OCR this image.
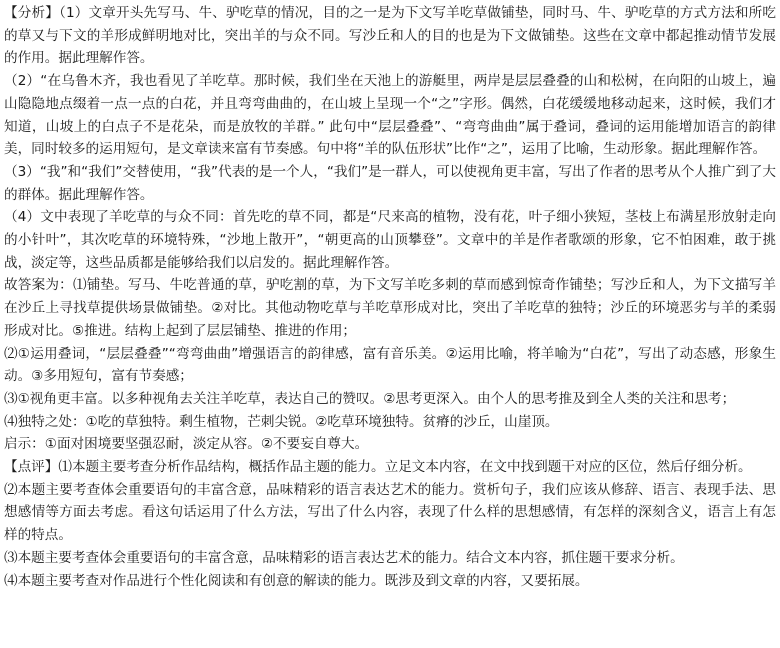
【分析】（1）文章开头先写马、牛、驴吃草的情况，目的之一是为下文写羊吃草做铺垫，同时马、牛、驴吃草的方式方法和所吃的草又与下文的羊形成鲜明地对比，突出羊的与众不同。写沙丘和人的目的也是为下文做铺垫。这些在文章中都起推动情节发展的作用。据此理解作答。

（2）“在乌鲁木齐，我也看见了羊吃草。那时候，我们坐在天池上的游艇里，两岸是层层叠叠的山和松树，在向阳的山坡上，遍山隐隐地点缀着一点一点的白花，并且弯弯曲曲的，在山坡上呈现一个“之”字形。偶然，白花缓缓地移动起来，这时候，我们才知道，山坡上的白点子不是花朵，而是放牧的羊群。” 此句中“层层叠叠”、“弯弯曲曲”属于叠词，叠词的运用能增加语言的韵律美，同时较多的运用短句，是文章读来富有节奏感。句中将“羊的队伍形状”比作“之”，运用了比喻，生动形象。据此理解作答。

（3）“我”和“我们”交替使用，“我”代表的是一个人，“我们”是一群人，可以使视角更丰富，写出了作者的思考从个人推广到了大的群体。据此理解作答。

（4）文中表现了羊吃草的与众不同：首先吃的草不同，都是“尺来高的植物，没有花，叶子细小狭短，茎枝上布满星形放射走向的小针叶”，其次吃草的环境特殊，“沙地上散开”，“朝更高的山顶攀登”。文章中的羊是作者歌颂的形象，它不怕困难，敢于挑战，淡定等，这些品质都是能够给我们以启发的。据此理解作答。

故答案为：⑴铺垫。写马、牛吃普通的草，驴吃割的草，为下文写羊吃多刺的草而感到惊奇作铺垫；写沙丘和人，为下文描写羊在沙丘上寻找草提供场景做铺垫。②对比。其他动物吃草与羊吃草形成对比，突出了羊吃草的独特；沙丘的环境恶劣与羊的柔弱形成对比。⑤推进。结构上起到了层层铺垫、推进的作用；

⑵①运用叠词，“层层叠叠”“弯弯曲曲”增强语言的韵律感，富有音乐美。②运用比喻，将羊喻为“白花”，写出了动态感，形象生动。③多用短句，富有节奏感；

⑶①视角更丰富。以多种视角去关注羊吃草，表达自己的赞叹。②思考更深入。由个人的思考推及到全人类的关注和思考；

⑷独特之处：①吃的草独特。剩生植物，芒刺尖锐。②吃草环境独特。贫瘠的沙丘，山崖顶。

启示：①面对困境要坚强忍耐，淡定从容。②不要妄自尊大。

【点评】⑴本题主要考查分析作品结构，概括作品主题的能力。立足文本内容，在文中找到题干对应的区位，然后仔细分析。

⑵本题主要考查体会重要语句的丰富含意，品味精彩的语言表达艺术的能力。赏析句子，我们应该从修辞、语言、表现手法、思想感情等方面去考虑。看这句话运用了什么方法，写出了什么内容，表现了什么样的思想感情，有怎样的深刻含义，语言上有怎样的特点。

⑶本题主要考查体会重要语句的丰富含意，品味精彩的语言表达艺术的能力。结合文本内容，抓住题干要求分析。

⑷本题主要考查对作品进行个性化阅读和有创意的解读的能力。既涉及到文章的内容，又要拓展。
